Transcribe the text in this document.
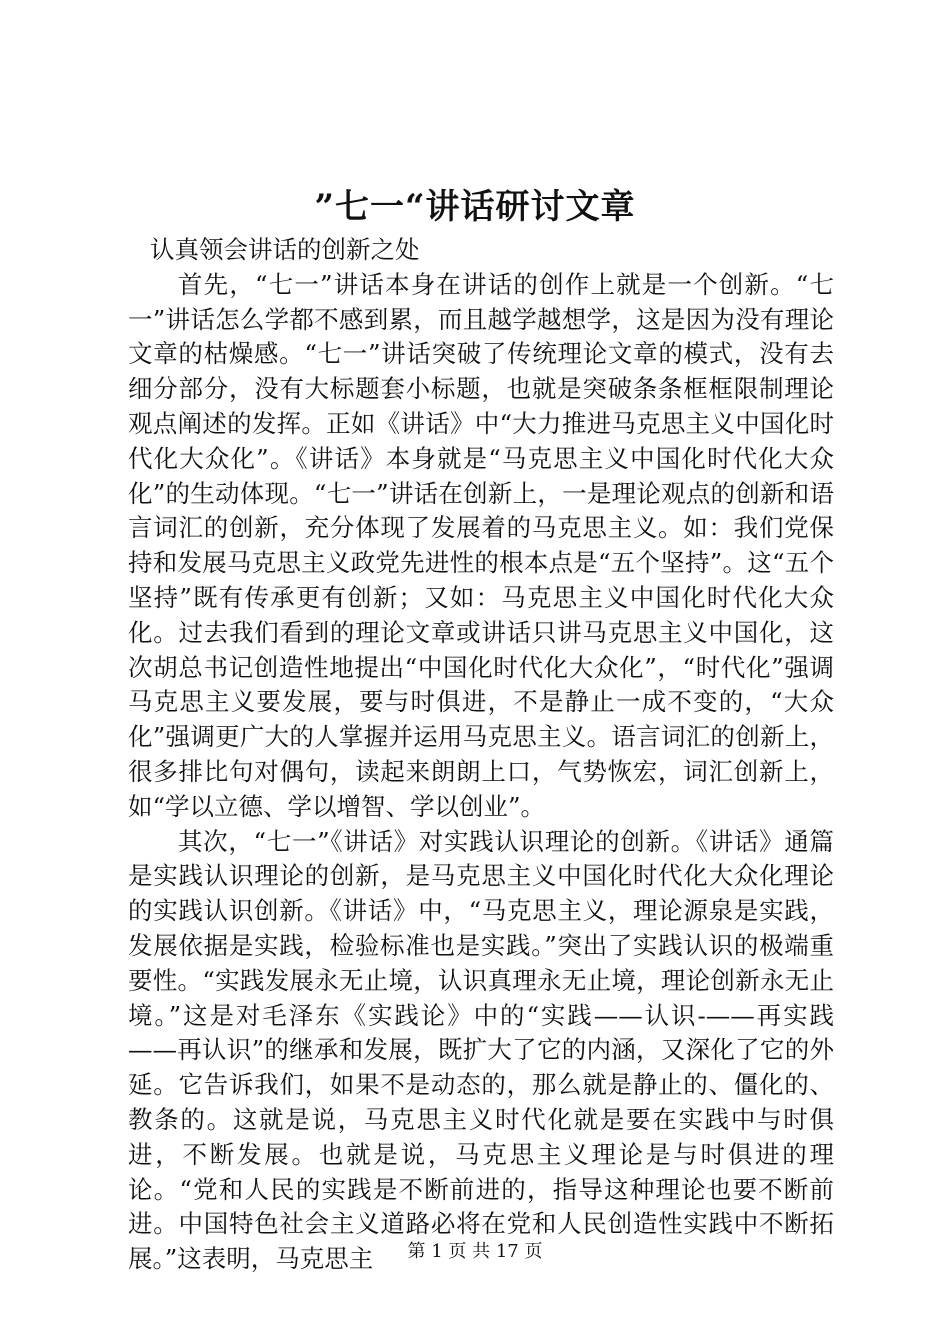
”七一“讲话研讨文章

认真领会讲话的创新之处

首先，“七一”讲话本身在讲话的创作上就是一个创新。“七一”讲话怎么学都不感到累，而且越学越想学，这是因为没有理论文章的枯燥感。“七一”讲话突破了传统理论文章的模式，没有去细分部分，没有大标题套小标题，也就是突破条条框框限制理论观点阐述的发挥。正如《讲话》中“大力推进马克思主义中国化时代化大众化”。《讲话》本身就是“马克思主义中国化时代化大众化”的生动体现。“七一”讲话在创新上，一是理论观点的创新和语言词汇的创新，充分体现了发展着的马克思主义。如：我们党保持和发展马克思主义政党先进性的根本点是“五个坚持”。这“五个坚持”既有传承更有创新；又如：马克思主义中国化时代化大众化。过去我们看到的理论文章或讲话只讲马克思主义中国化，这次胡总书记创造性地提出“中国化时代化大众化”，“时代化”强调马克思主义要发展，要与时俱进，不是静止一成不变的，“大众化”强调更广大的人掌握并运用马克思主义。语言词汇的创新上，很多排比句对偶句，读起来朗朗上口，气势恢宏，词汇创新上，如“学以立德、学以增智、学以创业”。

其次，“七一”《讲话》对实践认识理论的创新。《讲话》通篇是实践认识理论的创新，是马克思主义中国化时代化大众化理论的实践认识创新。《讲话》中，“马克思主义，理论源泉是实践，发展依据是实践，检验标准也是实践。”突出了实践认识的极端重要性。“实践发展永无止境，认识真理永无止境，理论创新永无止境。”这是对毛泽东《实践论》中的“实践——认识-——再实践——再认识”的继承和发展，既扩大了它的内涵，又深化了它的外延。它告诉我们，如果不是动态的，那么就是静止的、僵化的、教条的。这就是说，马克思主义时代化就是要在实践中与时俱进，不断发展。也就是说，马克思主义理论是与时俱进的理论。“党和人民的实践是不断前进的，指导这种理论也要不断前进。中国特色社会主义道路必将在党和人民创造性实践中不断拓展。”这表明，马克思主	第 1 页 共 17 页
